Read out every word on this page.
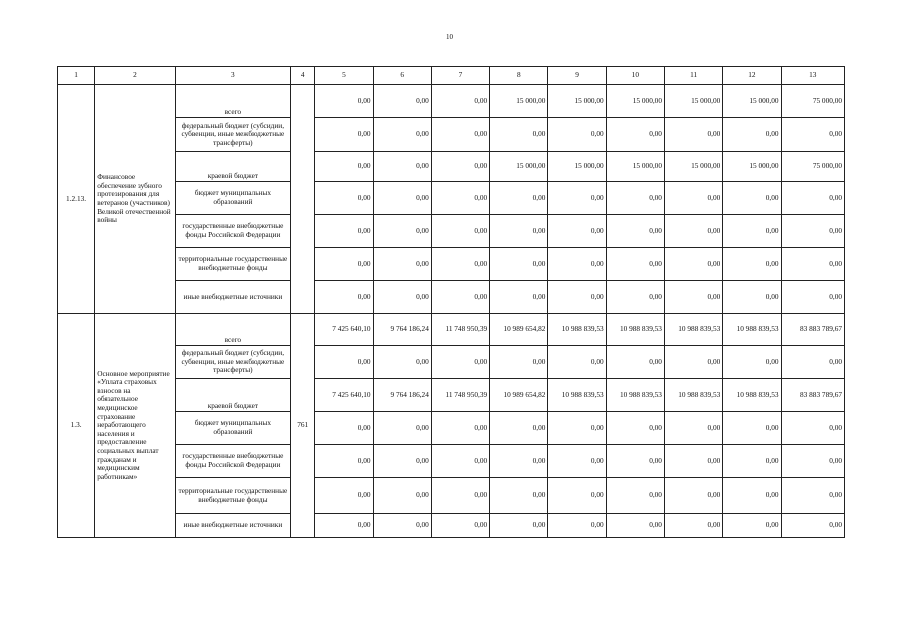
10
1	2	3	4	5	6	7	8	9	10	11	12	13
1.2.13.	Финансовое обеспечение зубного протезирования для ветеранов (участников) Великой отечественной войны	всего		0,00	0,00	0,00	15 000,00	15 000,00	15 000,00	15 000,00	15 000,00	75 000,00
		федеральный бюджет (субсидии, субвенции, иные межбюджетные трансферты)		0,00	0,00	0,00	0,00	0,00	0,00	0,00	0,00	0,00
		краевой бюджет		0,00	0,00	0,00	15 000,00	15 000,00	15 000,00	15 000,00	15 000,00	75 000,00
		бюджет муниципальных образований		0,00	0,00	0,00	0,00	0,00	0,00	0,00	0,00	0,00
		государственные внебюджетные фонды Российской Федерации		0,00	0,00	0,00	0,00	0,00	0,00	0,00	0,00	0,00
		территориальные государственные внебюджетные фонды		0,00	0,00	0,00	0,00	0,00	0,00	0,00	0,00	0,00
		иные внебюджетные источники		0,00	0,00	0,00	0,00	0,00	0,00	0,00	0,00	0,00
1.3.	Основное мероприятие «Уплата страховых взносов на обязательное медицинское страхование неработающего населения и предоставление социальных выплат гражданам и медицинским работникам»	всего	761	7 425 640,10	9 764 186,24	11 748 950,39	10 989 654,82	10 988 839,53	10 988 839,53	10 988 839,53	10 988 839,53	83 883 789,67
		федеральный бюджет (субсидии, субвенции, иные межбюджетные трансферты)		0,00	0,00	0,00	0,00	0,00	0,00	0,00	0,00	0,00
		краевой бюджет		7 425 640,10	9 764 186,24	11 748 950,39	10 989 654,82	10 988 839,53	10 988 839,53	10 988 839,53	10 988 839,53	83 883 789,67
		бюджет муниципальных образований		0,00	0,00	0,00	0,00	0,00	0,00	0,00	0,00	0,00
		государственные внебюджетные фонды Российской Федерации		0,00	0,00	0,00	0,00	0,00	0,00	0,00	0,00	0,00
		территориальные государственные внебюджетные фонды		0,00	0,00	0,00	0,00	0,00	0,00	0,00	0,00	0,00
		иные внебюджетные источники		0,00	0,00	0,00	0,00	0,00	0,00	0,00	0,00	0,00
